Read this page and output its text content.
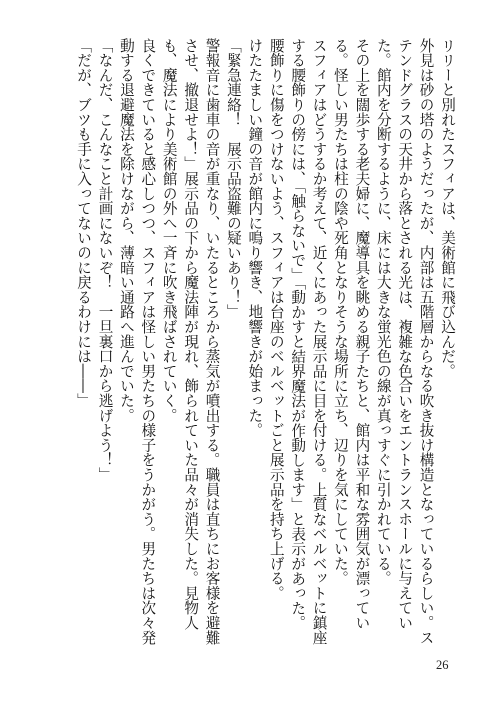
リリーと別れたスフィアは、美術館に飛び込んだ。

外見は砂の塔のようだったが、内部は五階層からなる吹き抜け構造となっているらしい。ステンドグラスの天井から落とされる光は、複雑な色合いをエントランスホールに与えていた。館内を分断するように、床には大きな蛍光色の線が真っすぐに引かれている。

その上を闊歩する老夫婦に、魔導具を眺める親子たちと、館内は平和な雰囲気が漂っている。怪しい男たちは柱の陰や死角となりそうな場所に立ち、辺りを気にしていた。

スフィアはどうするか考えて、近くにあった展示品に目を付ける。上質なベルベットに鎮座する腰飾りの傍には、「触らないで」「動かすと結界魔法が作動します」と表示があった。

腰飾りに傷をつけないよう、スフィアは台座のベルベットごと展示品を持ち上げる。

けたたましい鐘の音が館内に鳴り響き、地響きが始まった。

「緊急連絡！　展示品盗難の疑いあり！」

警報音に歯車の音が重なり、いたるところから蒸気が噴出する。職員は直ちにお客様を避難させ、撤退せよ！」展示品の下から魔法陣が現れ、飾られていた品々が消失した。見物人も、魔法により美術館の外へ一斉に吹き飛ばされていく。

良くできていると感心しつつ、スフィアは怪しい男たちの様子をうかがう。男たちは次々発動する退避魔法を除けながら、薄暗い通路へ進んでいた。

「なんだ、こんなこと計画にないぞ！　一旦裏口から逃げよう！」

「だが、ブツも手に入ってないのに戻るわけには――」

26
